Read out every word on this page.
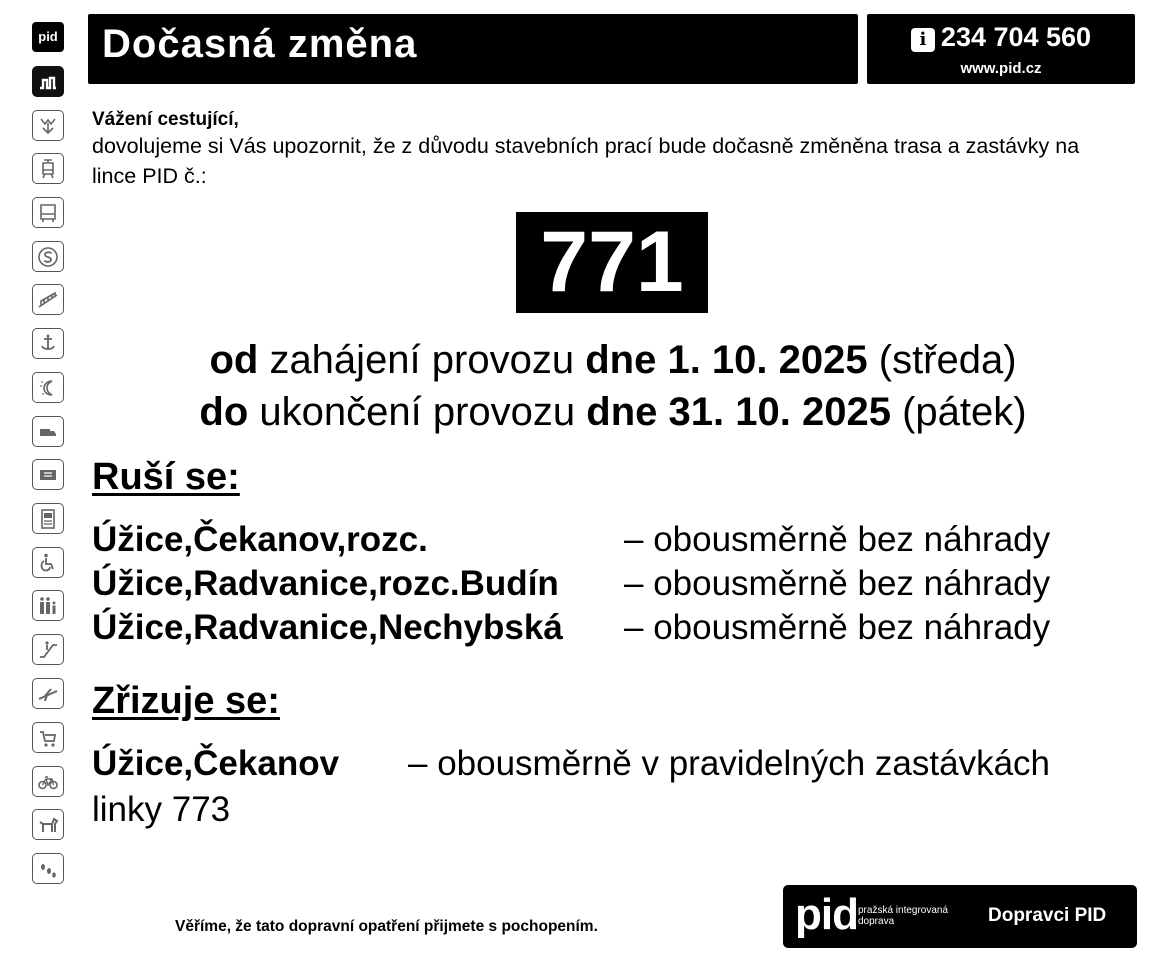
pid Dočasná změna	i 234 704 560
www.pid.cz
Vážení cestující,
dovolujeme si Vás upozornit, že z důvodu stavebních prací bude dočasně změněna trasa a zastávky na lince PID č.:
771
od zahájení provozu dne 1. 10. 2025 (středa)
do ukončení provozu dne 31. 10. 2025 (pátek)
Ruší se:
Úžice,Čekanov,rozc.	– obousměrně bez náhrady
Úžice,Radvanice,rozc.Budín – obousměrně bez náhrady
Úžice,Radvanice,Nechybská – obousměrně bez náhrady
Zřizuje se:
Úžice,Čekanov – obousměrně v pravidelných zastávkách
linky 773
Věříme, že tato dopravní opatření přijmete s pochopením.	pid pražská integrovaná
doprava	Dopravci PID
